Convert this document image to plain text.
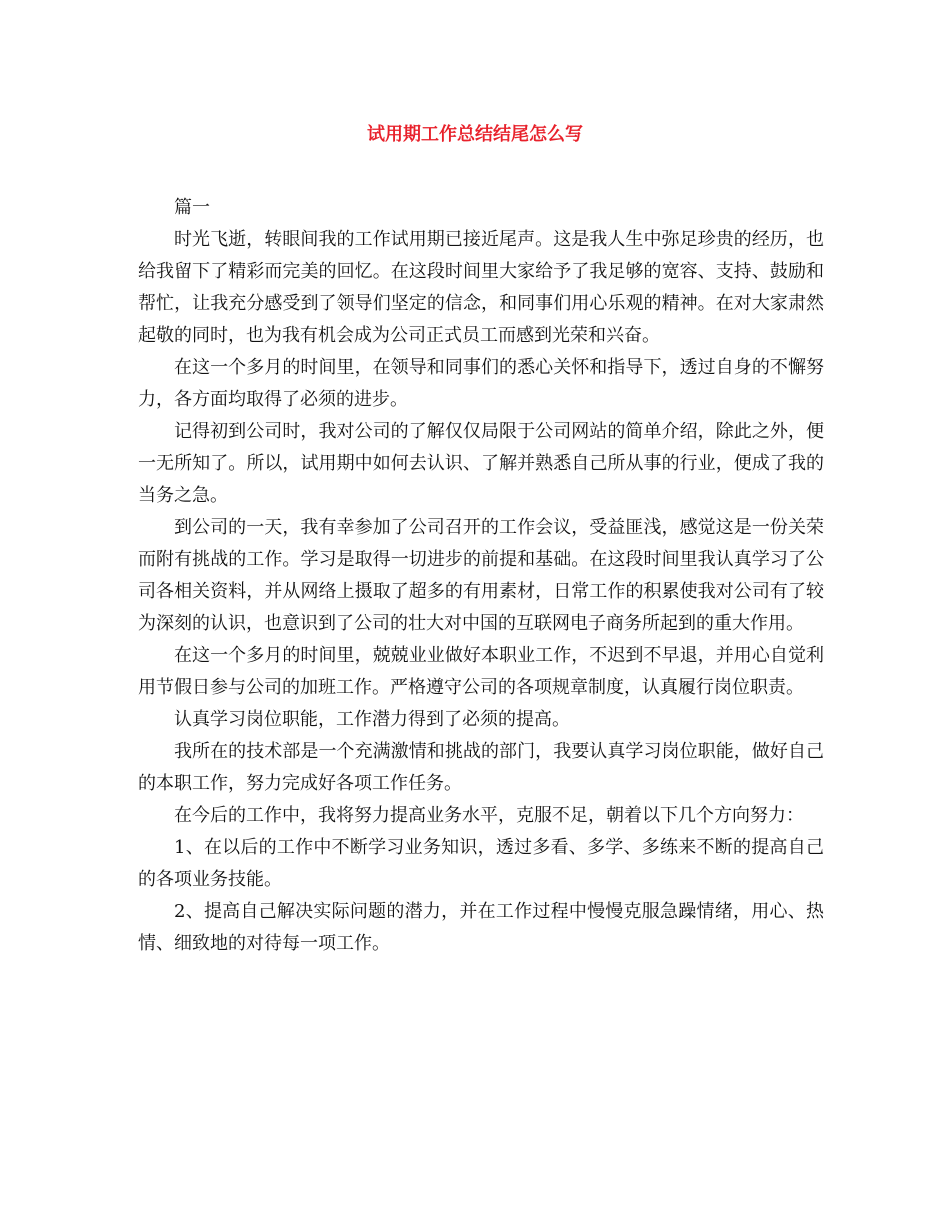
试用期工作总结结尾怎么写

篇一

时光飞逝，转眼间我的工作试用期已接近尾声。这是我人生中弥足珍贵的经历，也给我留下了精彩而完美的回忆。在这段时间里大家给予了我足够的宽容、支持、鼓励和帮忙，让我充分感受到了领导们坚定的信念，和同事们用心乐观的精神。在对大家肃然起敬的同时，也为我有机会成为公司正式员工而感到光荣和兴奋。

在这一个多月的时间里，在领导和同事们的悉心关怀和指导下，透过自身的不懈努力，各方面均取得了必须的进步。

记得初到公司时，我对公司的了解仅仅局限于公司网站的简单介绍，除此之外，便一无所知了。所以，试用期中如何去认识、了解并熟悉自己所从事的行业，便成了我的当务之急。

到公司的一天，我有幸参加了公司召开的工作会议，受益匪浅，感觉这是一份关荣而附有挑战的工作。学习是取得一切进步的前提和基础。在这段时间里我认真学习了公司各相关资料，并从网络上摄取了超多的有用素材，日常工作的积累使我对公司有了较为深刻的认识，也意识到了公司的壮大对中国的互联网电子商务所起到的重大作用。

在这一个多月的时间里，兢兢业业做好本职业工作，不迟到不早退，并用心自觉利用节假日参与公司的加班工作。严格遵守公司的各项规章制度，认真履行岗位职责。

认真学习岗位职能，工作潜力得到了必须的提高。

我所在的技术部是一个充满激情和挑战的部门，我要认真学习岗位职能，做好自己的本职工作，努力完成好各项工作任务。

在今后的工作中，我将努力提高业务水平，克服不足，朝着以下几个方向努力：

1、在以后的工作中不断学习业务知识，透过多看、多学、多练来不断的提高自己的各项业务技能。

2、提高自己解决实际问题的潜力，并在工作过程中慢慢克服急躁情绪，用心、热情、细致地的对待每一项工作。
